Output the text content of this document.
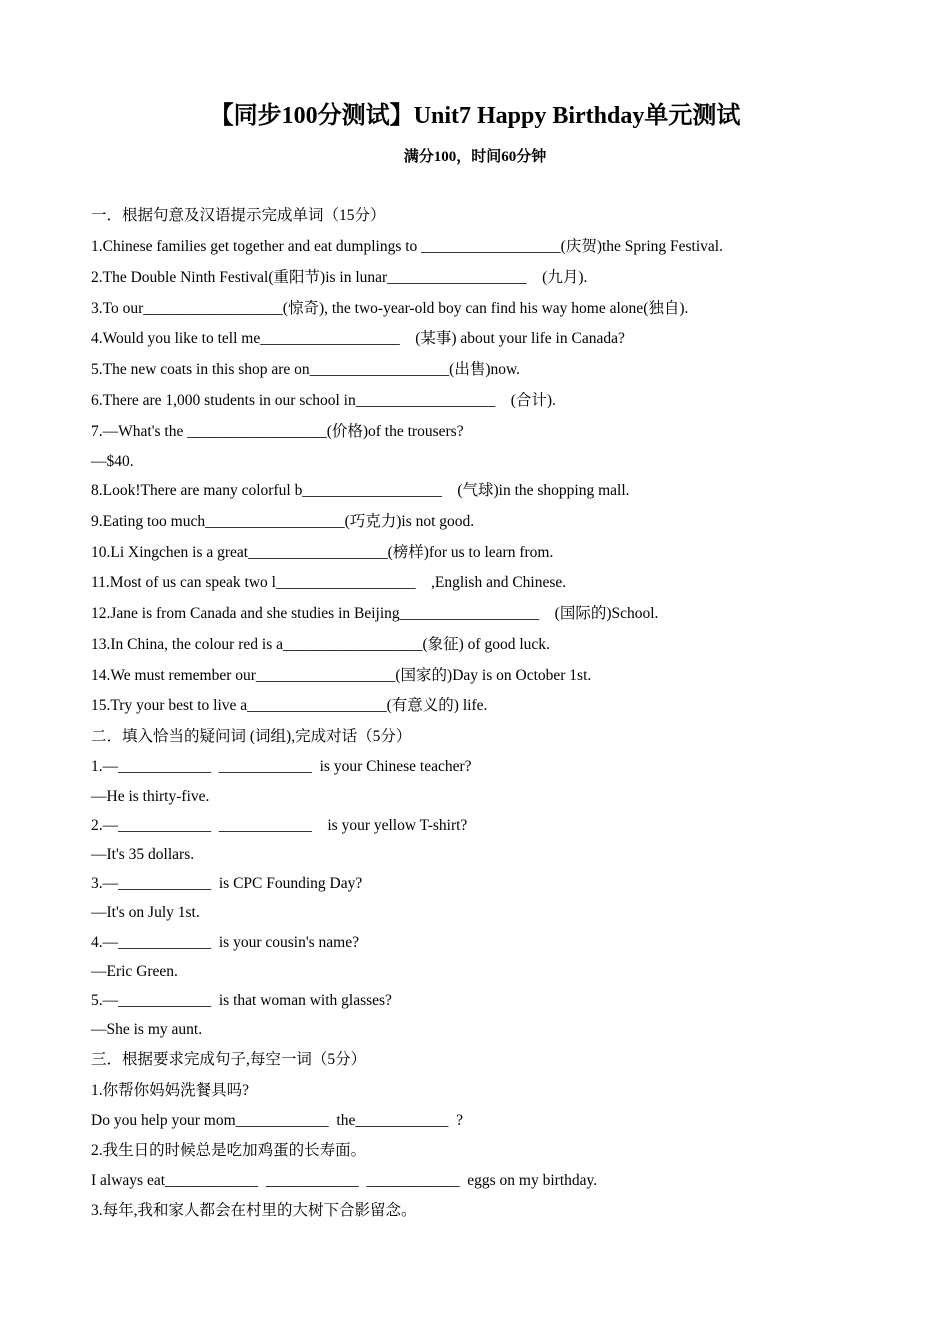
【同步100分测试】Unit7 Happy Birthday单元测试
满分100，时间60分钟
一．根据句意及汉语提示完成单词（15分）
1.Chinese families get together and eat dumplings to __________________(庆贺)the Spring Festival.
2.The Double Ninth Festival(重阳节)is in lunar__________________    (九月).
3.To our__________________(惊奇), the two-year-old boy can find his way home alone(独自).
4.Would you like to tell me__________________    (某事) about your life in Canada?
5.The new coats in this shop are on__________________(出售)now.
6.There are 1,000 students in our school in__________________    (合计).
7.—What's the __________________(价格)of the trousers?
—$40.
8.Look!There are many colorful b__________________    (气球)in the shopping mall.
9.Eating too much__________________(巧克力)is not good.
10.Li Xingchen is a great__________________(榜样)for us to learn from.
11.Most of us can speak two l__________________    ,English and Chinese.
12.Jane is from Canada and she studies in Beijing__________________    (国际的)School.
13.In China, the colour red is a__________________(象征) of good luck.
14.We must remember our__________________(国家的)Day is on October 1st.
15.Try your best to live a__________________(有意义的) life.
二．填入恰当的疑问词 (词组),完成对话（5分）
1.—____________  ____________  is your Chinese teacher?
—He is thirty-five.
2.—____________  ____________    is your yellow T-shirt?
—It's 35 dollars.
3.—____________  is CPC Founding Day?
—It's on July 1st.
4.—____________  is your cousin's name?
—Eric Green.
5.—____________  is that woman with glasses?
—She is my aunt.
三．根据要求完成句子,每空一词（5分）
1.你帮你妈妈洗餐具吗?
Do you help your mom____________  the____________  ?
2.我生日的时候总是吃加鸡蛋的长寿面。
I always eat____________  ____________  ____________  eggs on my birthday.
3.每年,我和家人都会在村里的大树下合影留念。
